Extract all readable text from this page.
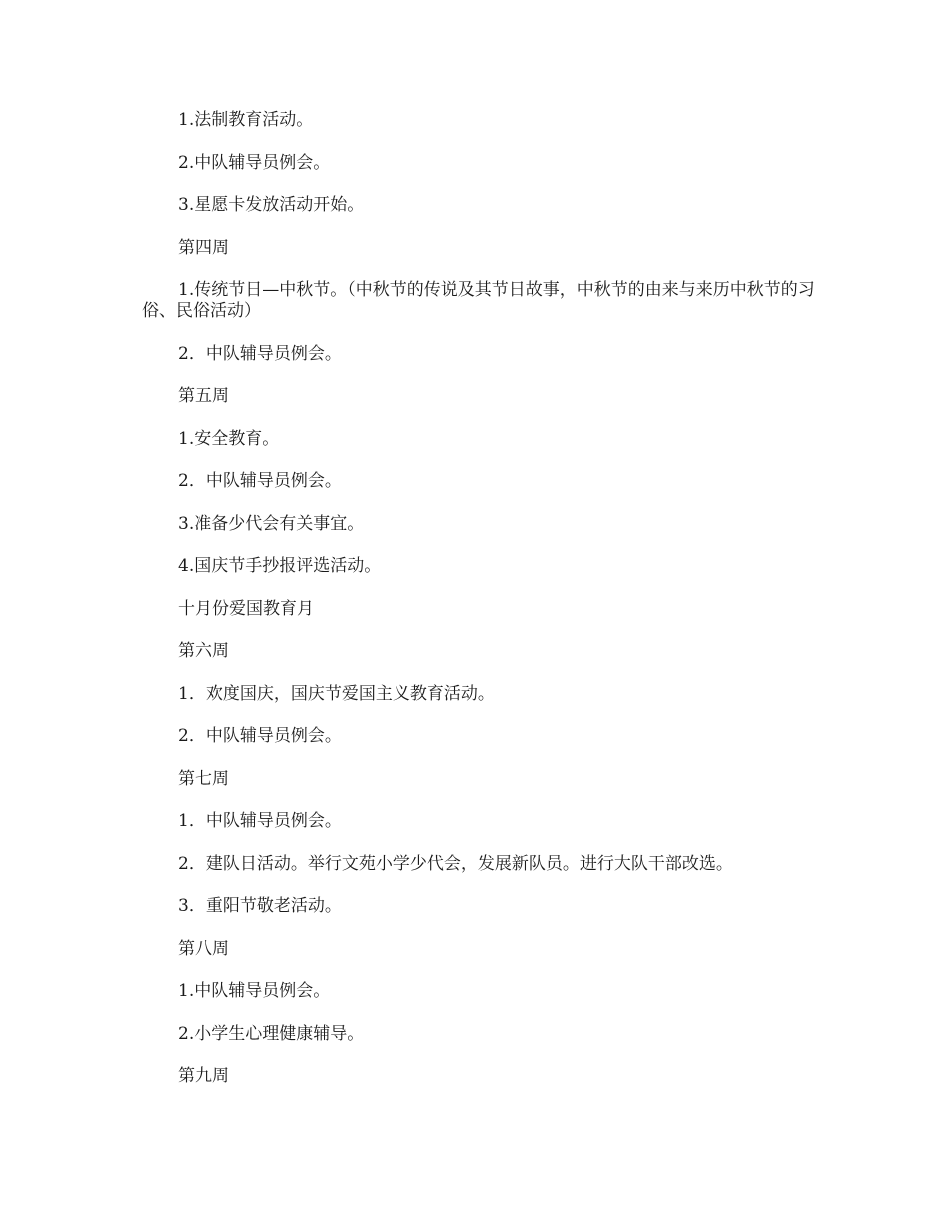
1.法制教育活动。

2.中队辅导员例会。

3.星愿卡发放活动开始。

第四周

1.传统节日—中秋节。（中秋节的传说及其节日故事，中秋节的由来与来历中秋节的习俗、民俗活动）

2．中队辅导员例会。

第五周

1.安全教育。

2．中队辅导员例会。

3.准备少代会有关事宜。

4.国庆节手抄报评选活动。

十月份爱国教育月

第六周

1．欢度国庆，国庆节爱国主义教育活动。

2．中队辅导员例会。

第七周

1．中队辅导员例会。

2．建队日活动。举行文苑小学少代会，发展新队员。进行大队干部改选。

3．重阳节敬老活动。

第八周

1.中队辅导员例会。

2.小学生心理健康辅导。

第九周
